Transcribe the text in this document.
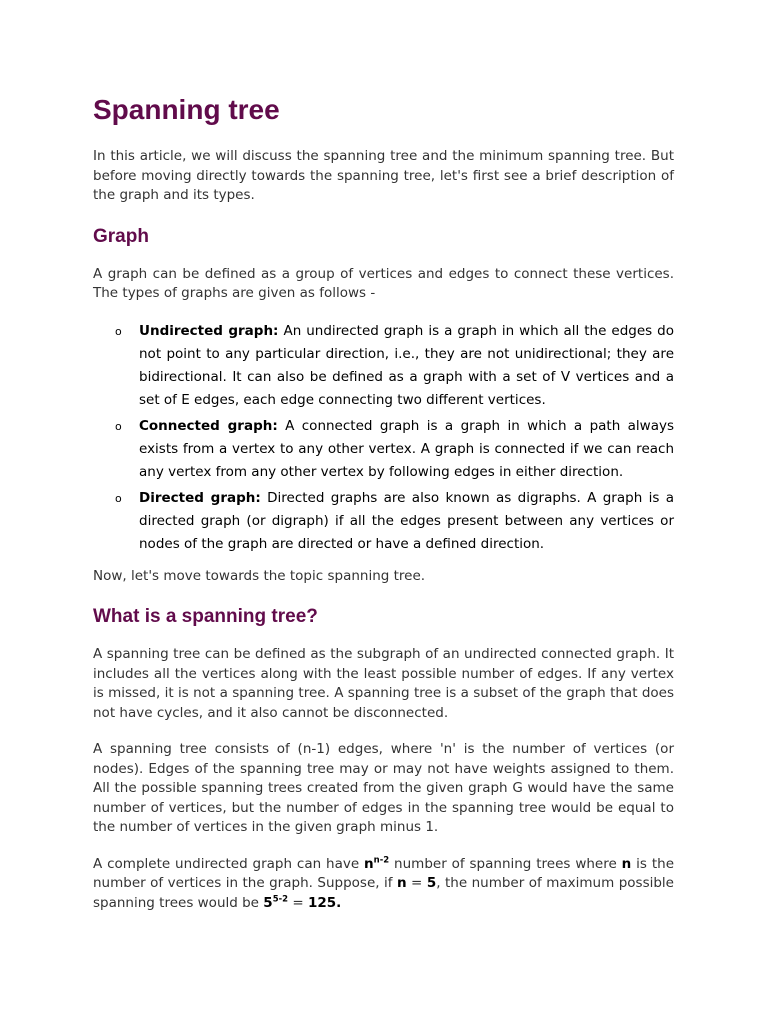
Spanning tree

In this article, we will discuss the spanning tree and the minimum spanning tree. But before moving directly towards the spanning tree, let's first see a brief description of the graph and its types.

Graph

A graph can be defined as a group of vertices and edges to connect these vertices. The types of graphs are given as follows -

o Undirected graph: An undirected graph is a graph in which all the edges do not point to any particular direction, i.e., they are not unidirectional; they are bidirectional. It can also be defined as a graph with a set of V vertices and a set of E edges, each edge connecting two different vertices.
o Connected graph: A connected graph is a graph in which a path always exists from a vertex to any other vertex. A graph is connected if we can reach any vertex from any other vertex by following edges in either direction.
o Directed graph: Directed graphs are also known as digraphs. A graph is a directed graph (or digraph) if all the edges present between any vertices or nodes of the graph are directed or have a defined direction.

Now, let's move towards the topic spanning tree.

What is a spanning tree?

A spanning tree can be defined as the subgraph of an undirected connected graph. It includes all the vertices along with the least possible number of edges. If any vertex is missed, it is not a spanning tree. A spanning tree is a subset of the graph that does not have cycles, and it also cannot be disconnected.

A spanning tree consists of (n-1) edges, where 'n' is the number of vertices (or nodes). Edges of the spanning tree may or may not have weights assigned to them. All the possible spanning trees created from the given graph G would have the same number of vertices, but the number of edges in the spanning tree would be equal to the number of vertices in the given graph minus 1.

A complete undirected graph can have $n^{n-2}$ number of spanning trees where n is the number of vertices in the graph. Suppose, if n = 5, the number of maximum possible spanning trees would be $5^{5-2} = 125$.
